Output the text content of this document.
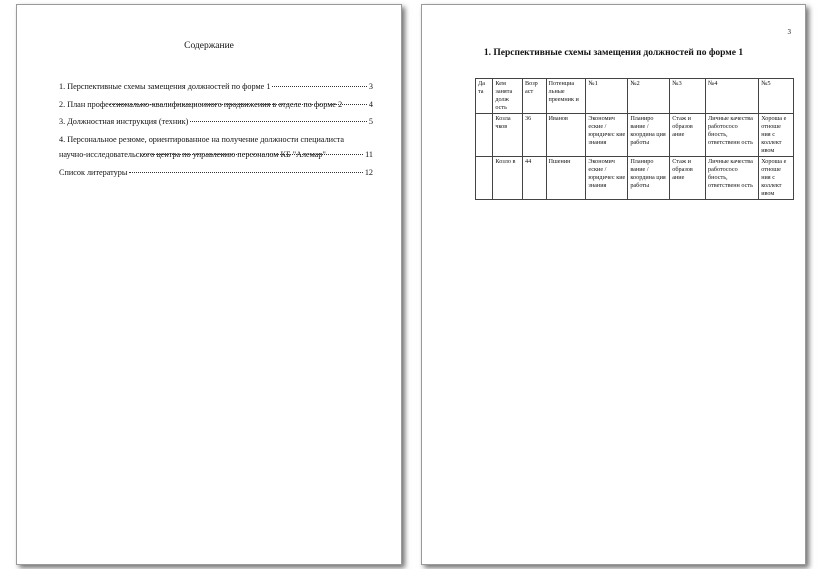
Содержание
1. Перспективные схемы замещения должностей по форме 1	3
2. План профессионально-квалификационного продвижения в отделе по форме 2	4
3. Должностная инструкция (техник)	5
4. Персональное резюме, ориентированное на получение должности специалиста научно-исследовательского центра по управлению персоналом КБ "Алемар"	11
Список литературы	12
3
1. Перспективные схемы замещения должностей по форме 1
Да та	Кем занята долж ость	Возр аст	Потенциа льные преемник и	№1	№2	№3	№4	№5
	Козла чков	36	Иванов	Экономич еские / юридичес кие знания	Планиро вание / координа ция работы	Стаж и образов ание	Личные качества работососо бность, ответственн ость	Хороша е отноше ния с коллект ивом
	Козло в	44	Пшенин	Экономич еские / юридичес кие знания	Планиро вание / координа ция работы	Стаж и образов ание	Личные качества работососо бность, ответственн ость	Хороша е отноше ния с коллект ивом
